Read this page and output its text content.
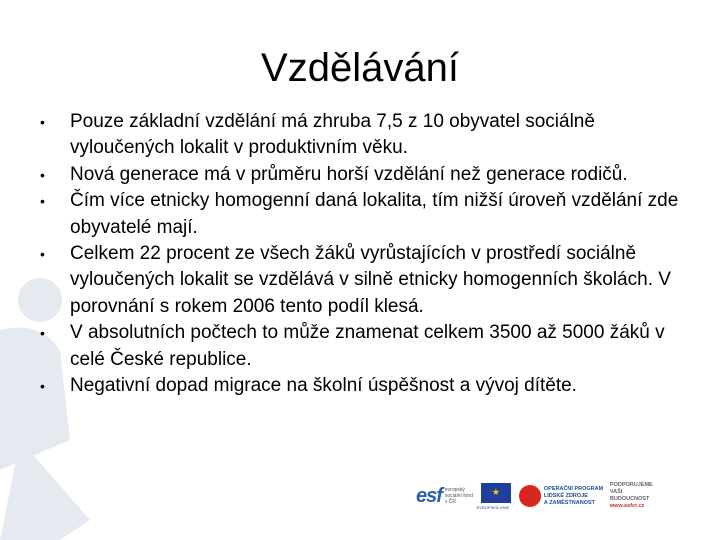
Vzdělávání
• Pouze základní vzdělání má zhruba 7,5 z 10 obyvatel sociálně vyloučených lokalit v produktivním věku.
• Nová generace má v průměru horší vzdělání než generace rodičů.
• Čím více etnicky homogenní daná lokalita, tím nižší úroveň vzdělání zde obyvatelé mají.
• Celkem 22 procent ze všech žáků vyrůstajících v prostředí sociálně vyloučených lokalit se vzdělává v silně etnicky homogenních školách. V porovnání s rokem 2006 tento podíl klesá.
• V absolutních počtech to může znamenat celkem 3500 až 5000 žáků v celé České republice.
• Negativní dopad migrace na školní úspěšnost a vývoj dítěte.
esf evropský sociální fond v ČR
★
EVROPSKÁ UNIE
OPERAČNÍ PROGRAM
LIDSKÉ ZDROJE
A ZAMĚSTNANOST
PODPORUJEME
VAŠI BUDOUCNOST
www.esfcr.cz
